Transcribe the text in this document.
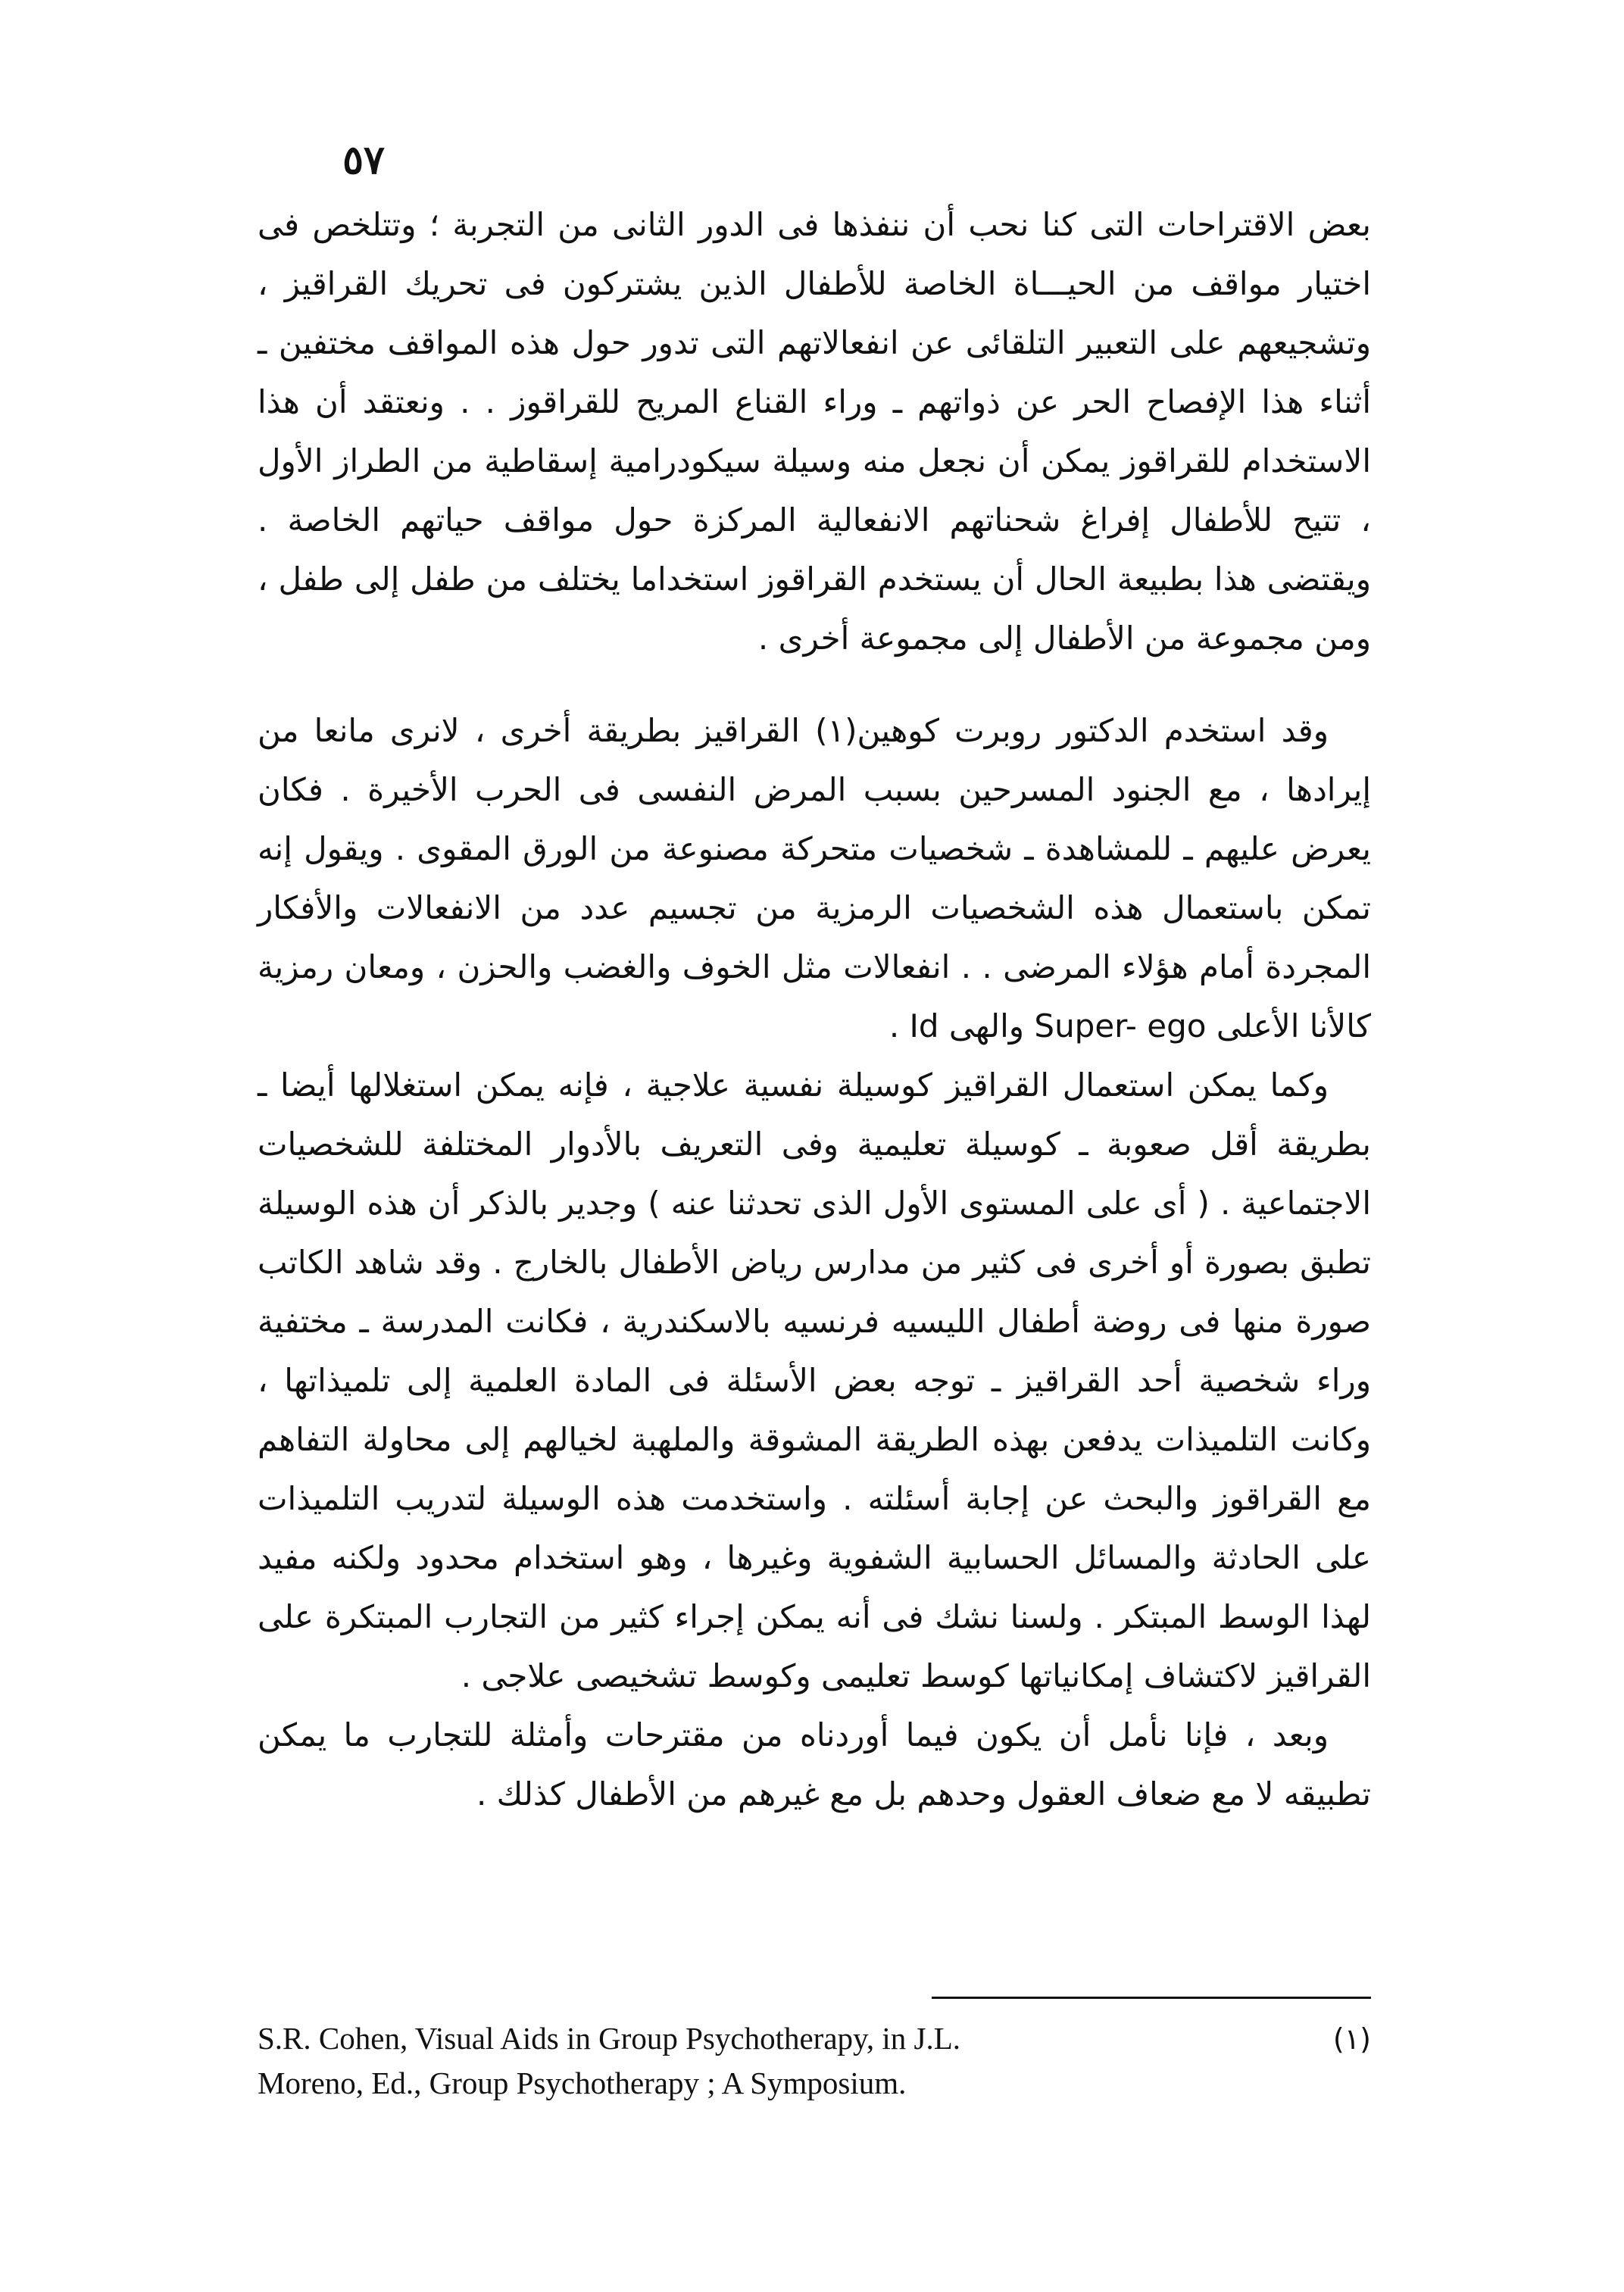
٥٧

بعض الاقتراحات التى كنا نحب أن ننفذها فى الدور الثانى من التجربة ؛ وتتلخص فى اختيار مواقف من الحيـــاة الخاصة للأطفال الذين يشتركون فى تحريك القراقيز ، وتشجيعهم على التعبير التلقائى عن انفعالاتهم التى تدور حول هذه المواقف مختفين ـ أثناء هذا الإفصاح الحر عن ذواتهم ـ وراء القناع المريح للقراقوز . . ونعتقد أن هذا الاستخدام للقراقوز يمكن أن نجعل منه وسيلة سيكودرامية إسقاطية من الطراز الأول ، تتيح للأطفال إفراغ شحناتهم الانفعالية المركزة حول مواقف حياتهم الخاصة . ويقتضى هذا بطبيعة الحال أن يستخدم القراقوز استخداما يختلف من طفل إلى طفل ، ومن مجموعة من الأطفال إلى مجموعة أخرى .

وقد استخدم الدكتور روبرت كوهين(١) القراقيز بطريقة أخرى ، لانرى مانعا من إيرادها ، مع الجنود المسرحين بسبب المرض النفسى فى الحرب الأخيرة . فكان يعرض عليهم ـ للمشاهدة ـ شخصيات متحركة مصنوعة من الورق المقوى . ويقول إنه تمكن باستعمال هذه الشخصيات الرمزية من تجسيم عدد من الانفعالات والأفكار المجردة أمام هؤلاء المرضى . . انفعالات مثل الخوف والغضب والحزن ، ومعان رمزية كالأنا الأعلى Super- ego والهى Id .

وكما يمكن استعمال القراقيز كوسيلة نفسية علاجية ، فإنه يمكن استغلالها أيضا ـ بطريقة أقل صعوبة ـ كوسيلة تعليمية وفى التعريف بالأدوار المختلفة للشخصيات الاجتماعية . ( أى على المستوى الأول الذى تحدثنا عنه ) وجدير بالذكر أن هذه الوسيلة تطبق بصورة أو أخرى فى كثير من مدارس رياض الأطفال بالخارج . وقد شاهد الكاتب صورة منها فى روضة أطفال الليسيه فرنسيه بالاسكندرية ، فكانت المدرسة ـ مختفية وراء شخصية أحد القراقيز ـ توجه بعض الأسئلة فى المادة العلمية إلى تلميذاتها ، وكانت التلميذات يدفعن بهذه الطريقة المشوقة والملهبة لخيالهم إلى محاولة التفاهم مع القراقوز والبحث عن إجابة أسئلته . واستخدمت هذه الوسيلة لتدريب التلميذات على الحادثة والمسائل الحسابية الشفوية وغيرها ، وهو استخدام محدود ولكنه مفيد لهذا الوسط المبتكر . ولسنا نشك فى أنه يمكن إجراء كثير من التجارب المبتكرة على القراقيز لاكتشاف إمكانياتها كوسط تعليمى وكوسط تشخيصى علاجى .

وبعد ، فإنا نأمل أن يكون فيما أوردناه من مقترحات وأمثلة للتجارب ما يمكن تطبيقه لا مع ضعاف العقول وحدهم بل مع غيرهم من الأطفال كذلك .

S.R. Cohen, Visual Aids in Group Psychotherapy, in J.L.	(١)

Moreno, Ed., Group Psychotherapy ; A Symposium.
